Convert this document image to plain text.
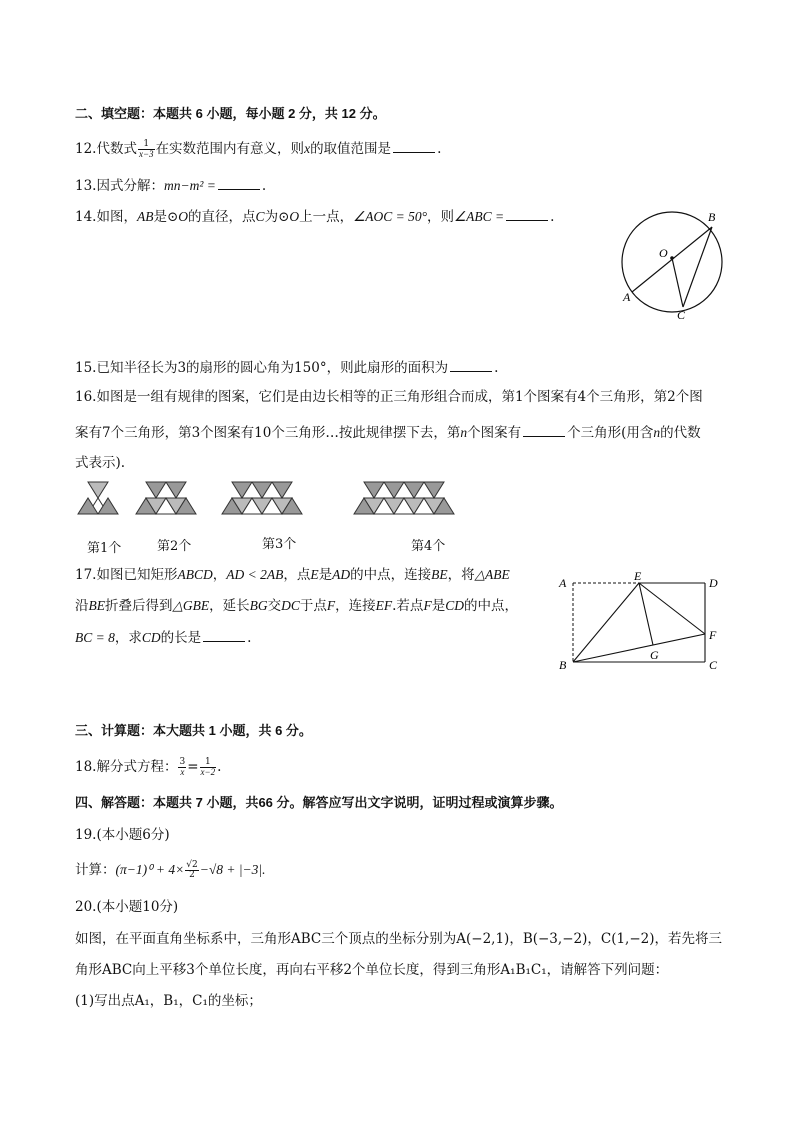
二、填空题：本题共 6 小题，每小题 2 分，共 12 分。
12.代数式 $\frac{1}{x-3}$ 在实数范围内有意义，则x的取值范围是	.
13.因式分解：mn−m² =	.
14.如图，AB是⊙O的直径，点C为⊙O上一点，∠AOC = 50°，则∠ABC =	.
A
B
C
O
15.已知半径长为3的扇形的圆心角为150°，则此扇形的面积为	.
16.如图是一组有规律的图案，它们是由边长相等的正三角形组合而成，第1个图案有4个三角形，第2个图
案有7个三角形，第3个图案有10个三角形…按此规律摆下去，第n个图案有	个三角形(用含n的代数
式表示).
第1个	第2个	第3个	第4个
17.如图已知矩形ABCD，AD < 2AB，点E是AD的中点，连接BE，将△ABE
沿BE折叠后得到△GBE，延长BG交DC于点F，连接EF.若点F是CD的中点，
BC = 8，求CD的长是	.
A
B	C
D
E
F
G
三、计算题：本大题共 1 小题，共 6 分。
18.解分式方程： $\frac{3}{x} = \frac{1}{x-2}$ .
四、解答题：本题共 7 小题，共66 分。解答应写出文字说明，证明过程或演算步骤。
19.(本小题6分)
计算：$(\pi-1)^0 + 4\times \frac{√2}{2} -√8 + |-3|$.
20.(本小题10分)
如图，在平面直角坐标系中，三角形ABC三个顶点的坐标分别为A(−2,1)，B(−3,−2)，C(1,−2)，若先将三
角形ABC向上平移3个单位长度，再向右平移2个单位长度，得到三角形A₁B₁C₁，请解答下列问题：
(1)写出点A₁，B₁，C₁的坐标；
